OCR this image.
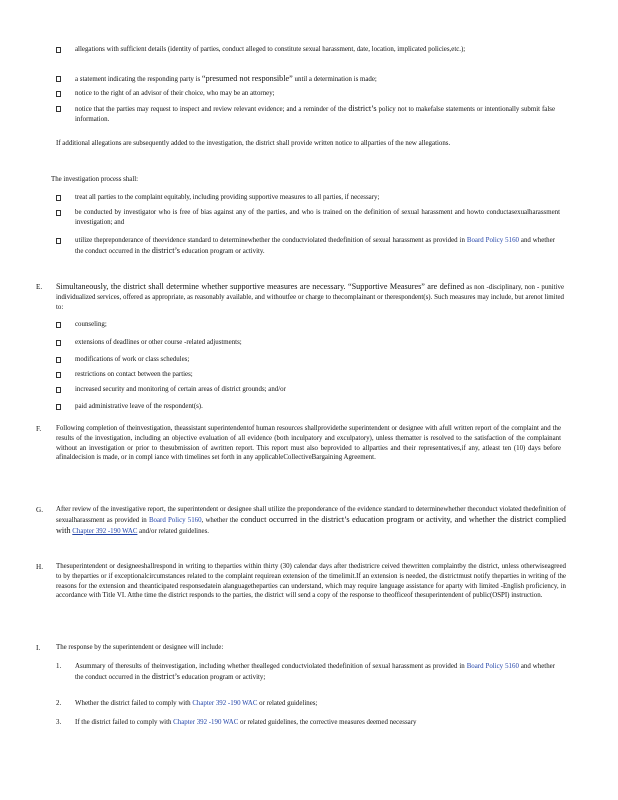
allegations with sufficient details (identity of parties, conduct alleged to constitute sexual harassment, date, location, implicated policies,etc.);

a statement indicating the responding party is “presumed not responsible” until a determination is made;

notice to the right of an advisor of their choice, who may be an attorney;

notice that the parties may request to inspect and review relevant evidence; and a reminder of the district’s policy not to makefalse statements or intentionally submit false information.

If additional allegations are subsequently added to the investigation, the district shall provide written notice to allparties of the new allegations.

The investigation process shall:

treat all parties to the complaint equitably, including providing supportive measures to all parties, if necessary;

be conducted by investigator who is free of bias against any of the parties, and who is trained on the definition of sexual harassment and howto conductasexualharassment investigation; and

utilize thepreponderance of theevidence standard to determinewhether the conductviolated thedefinition of sexual harassment as provided in Board Policy 5160 and whether the conduct occurred in the district’s education program or activity.

E. Simultaneously, the district shall determine whether supportive measures are necessary. “Supportive Measures” are defined as non -disciplinary, non - punitive individualized services, offered as appropriate, as reasonably available, and withoutfee or charge to thecomplainant or therespondent(s). Such measures may include, but arenot limited to:

counseling;

extensions of deadlines or other course -related adjustments;

modifications of work or class schedules;

restrictions on contact between the parties;

increased security and monitoring of certain areas of district grounds; and/or

paid administrative leave of the respondent(s).

F. Following completion of theinvestigation, theassistant superintendentof human resources shallprovidethe superintendent or designee with afull written report of the complaint and the results of the investigation, including an objective evaluation of all evidence (both inculpatory and exculpatory), unless thematter is resolved to the satisfaction of the complainant without an investigation or prior to thesubmission of awritten report. This report must also beprovided to allparties and their representatives,if any, atleast ten (10) days before afinaldecision is made, or in compl iance with timelines set forth in any applicableCollectiveBargaining Agreement.

G. After review of the investigative report, the superintendent or designee shall utilize the preponderance of the evidence standard to determinewhether theconduct violated thedefinition of sexualharassment as provided in Board Policy 5160, whether the conduct occurred in the district’s education program or activity, and whether the district complied with Chapter 392 -190 WAC and/or related guidelines.

H. Thesuperintendent or designeeshallrespond in writing to theparties within thirty (30) calendar days after thedistricre ceived thewritten complaintby the district, unless otherwiseagreed to by theparties or if exceptionalcircumstances related to the complaint requirean extension of the timelimit.If an extension is needed, the districtmust notify theparties in writing of the reasons for the extension and theanticipated responsedatein alanguagetheparties can understand, which may require language assistance for aparty with limited -English proficiency, in accordance with Title VI. Atthe time the district responds to the parties, the district will send a copy of the response to theofficeof thesuperintendent of public(OSPI) instruction.

I. The response by the superintendent or designee will include:

1. Asummary of theresults of theinvestigation, including whether thealleged conductviolated thedefinition of sexual harassment as provided in Board Policy 5160 and whether the conduct occurred in the district’s education program or activity;

2. Whether the district failed to comply with Chapter 392 -190 WAC or related guidelines;

3. If the district failed to comply with Chapter 392 -190 WAC or related guidelines, the corrective measures deemed necessary
